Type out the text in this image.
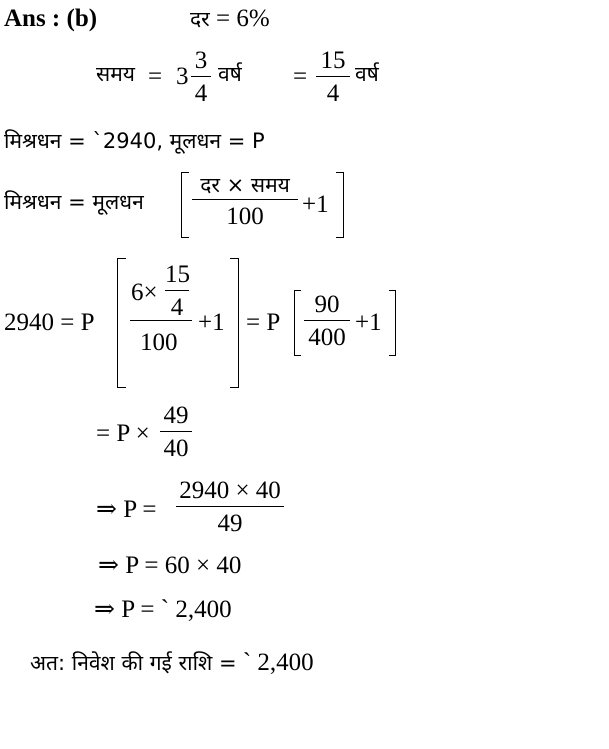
Ans : (b)	दर = 6%
समय = 3
3
4
वर्ष =
15
4
वर्ष
मिश्रधन = `2940, मूलधन = P
मिश्रधन = मूलधन
दर × समय
100	+1
2940 = P
6×
15
4
100
+1 = P
90
400
+1
= P ×
49
40
⇒ P =
2940 × 40
49
⇒ P = 60 × 40
⇒ P = ` 2,400
अत: निवेश की गई राशि = ` 2,400
